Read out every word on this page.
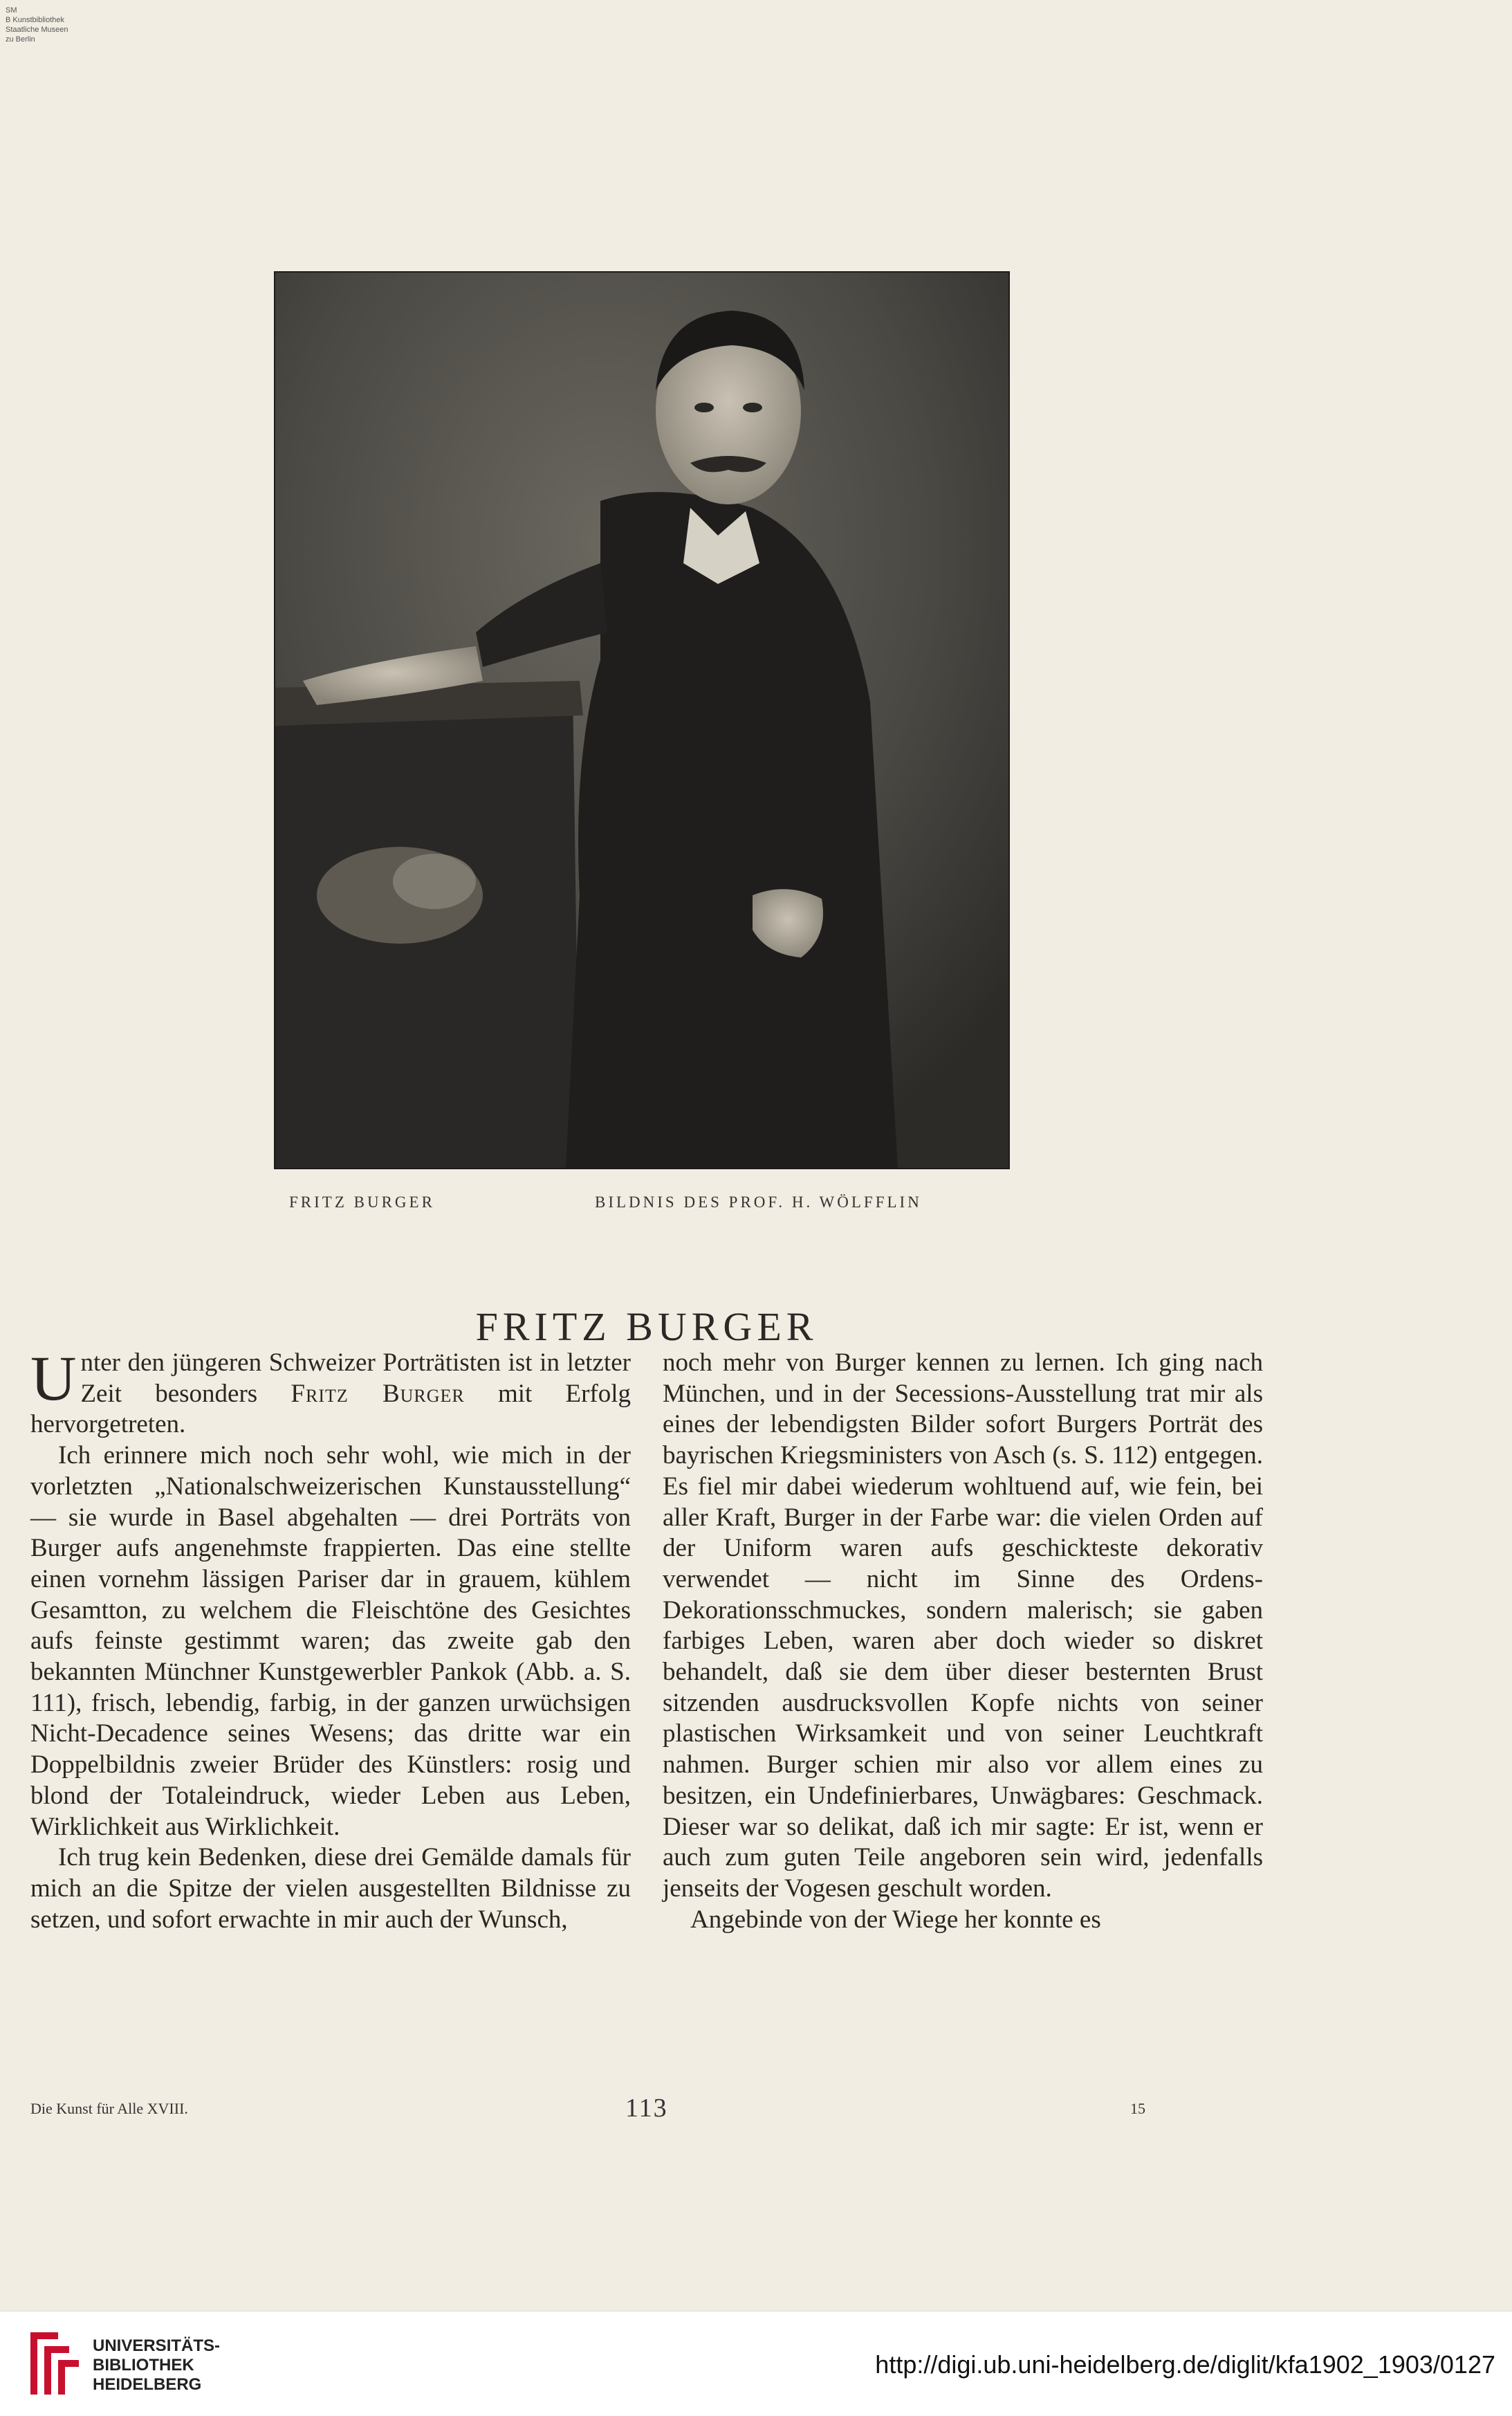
SM
B Kunstbibliothek
Staatliche Museen
zu Berlin
FRITZ BURGER	BILDNIS DES PROF. H. WÖLFFLIN
FRITZ BURGER

Unter den jüngeren Schweizer Porträtisten ist in letzter Zeit besonders Fritz Burger mit Erfolg hervorgetreten.

Ich erinnere mich noch sehr wohl, wie mich in der vorletzten „Nationalschweizerischen Kunstausstellung“ — sie wurde in Basel abgehalten — drei Porträts von Burger aufs angenehmste frappierten. Das eine stellte einen vornehm lässigen Pariser dar in grauem, kühlem Gesamtton, zu welchem die Fleischtöne des Gesichtes aufs feinste gestimmt waren; das zweite gab den bekannten Münchner Kunstgewerbler Pankok (Abb. a. S. 111), frisch, lebendig, farbig, in der ganzen urwüchsigen Nicht-Decadence seines Wesens; das dritte war ein Doppelbildnis zweier Brüder des Künstlers: rosig und blond der Totaleindruck, wieder Leben aus Leben, Wirklichkeit aus Wirklichkeit.

Ich trug kein Bedenken, diese drei Gemälde damals für mich an die Spitze der vielen ausgestellten Bildnisse zu setzen, und sofort erwachte in mir auch der Wunsch,

noch mehr von Burger kennen zu lernen. Ich ging nach München, und in der Secessions-Ausstellung trat mir als eines der lebendigsten Bilder sofort Burgers Porträt des bayrischen Kriegsministers von Asch (s. S. 112) entgegen. Es fiel mir dabei wiederum wohltuend auf, wie fein, bei aller Kraft, Burger in der Farbe war: die vielen Orden auf der Uniform waren aufs geschickteste dekorativ verwendet — nicht im Sinne des Ordens-Dekorationsschmuckes, sondern malerisch; sie gaben farbiges Leben, waren aber doch wieder so diskret behandelt, daß sie dem über dieser besternten Brust sitzenden ausdrucksvollen Kopfe nichts von seiner plastischen Wirksamkeit und von seiner Leuchtkraft nahmen. Burger schien mir also vor allem eines zu besitzen, ein Undefinierbares, Unwägbares: Geschmack. Dieser war so delikat, daß ich mir sagte: Er ist, wenn er auch zum guten Teile angeboren sein wird, jedenfalls jenseits der Vogesen geschult worden.

Angebinde von der Wiege her konnte es

Die Kunst für Alle XVIII.	113	15
UNIVERSITÄTS-
BIBLIOTHEK
HEIDELBERG
http://digi.ub.uni-heidelberg.de/diglit/kfa1902_1903/0127
